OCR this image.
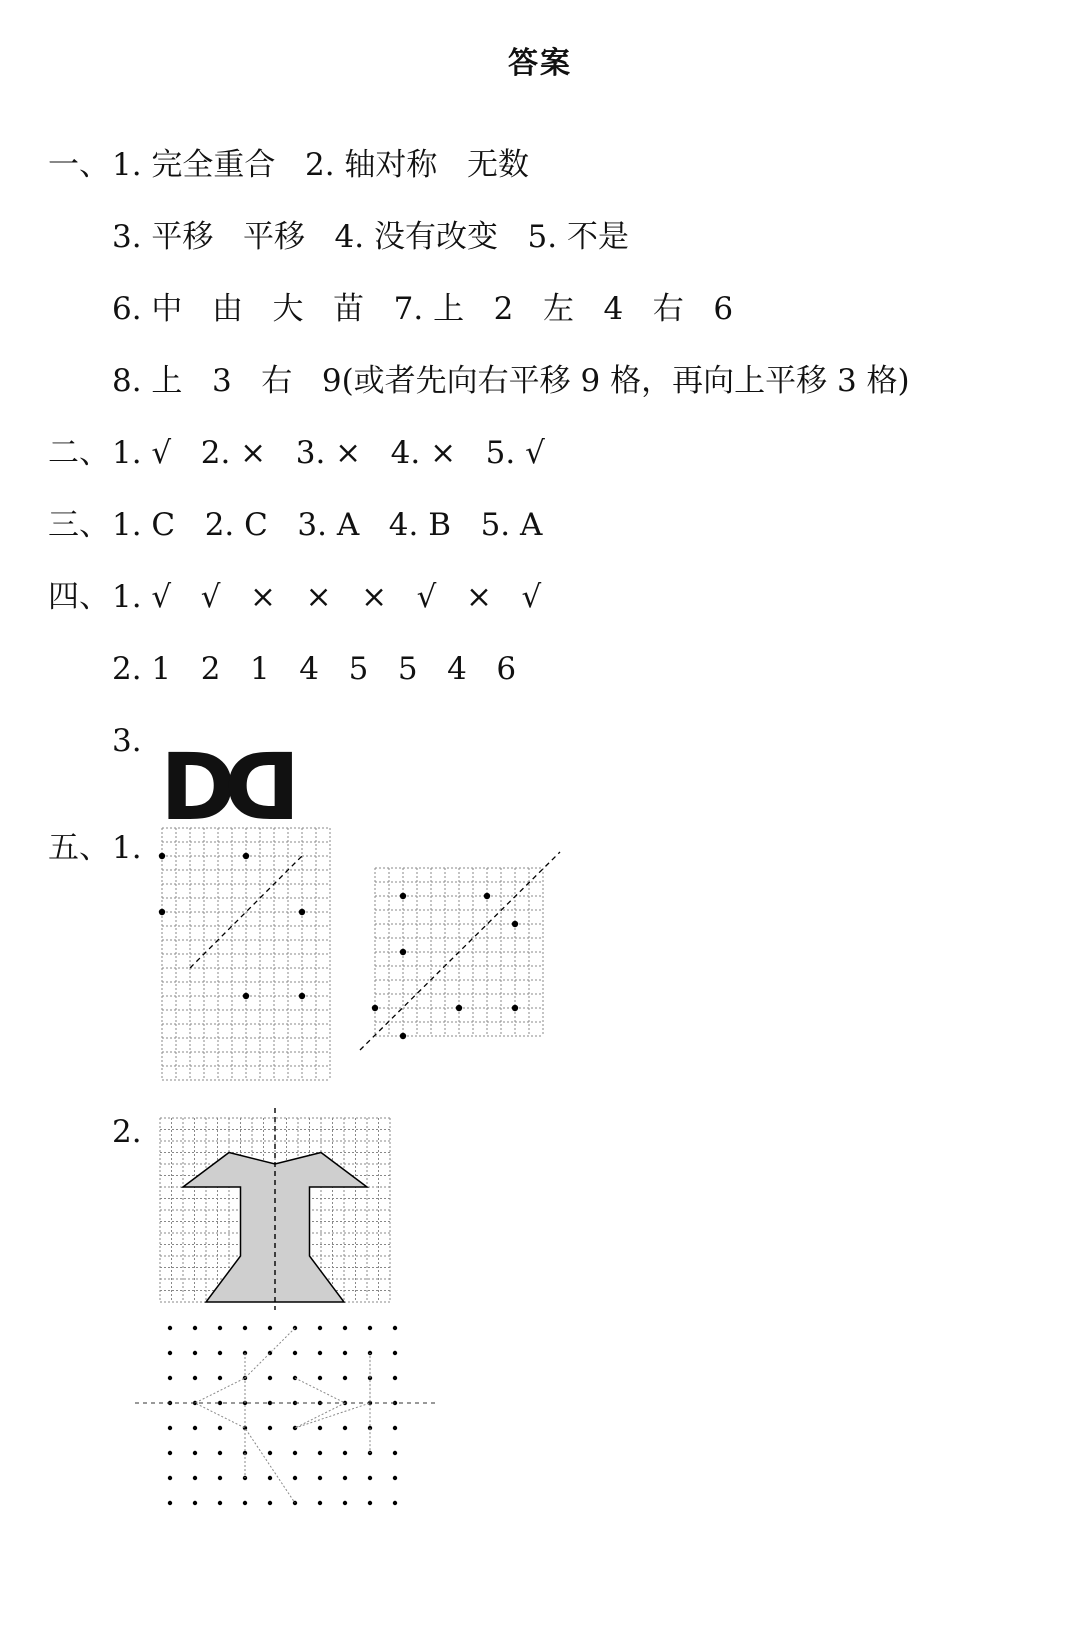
答案
一、 1. 完全重合   2. 轴对称   无数
3. 平移   平移   4. 没有改变   5. 不是
6. 中   由   大   苗   7. 上   2   左   4   右   6
8. 上   3   右   9(或者先向右平移 9 格，再向上平移 3 格)
二、 1. √   2. ×   3. ×   4. ×   5. √
三、 1. C   2. C   3. A   4. B   5. A
四、 1. √   √   ×   ×   ×   √   ×   √
2. 1   2   1   4   5   5   4   6
3. DD
五、 1.
2.
